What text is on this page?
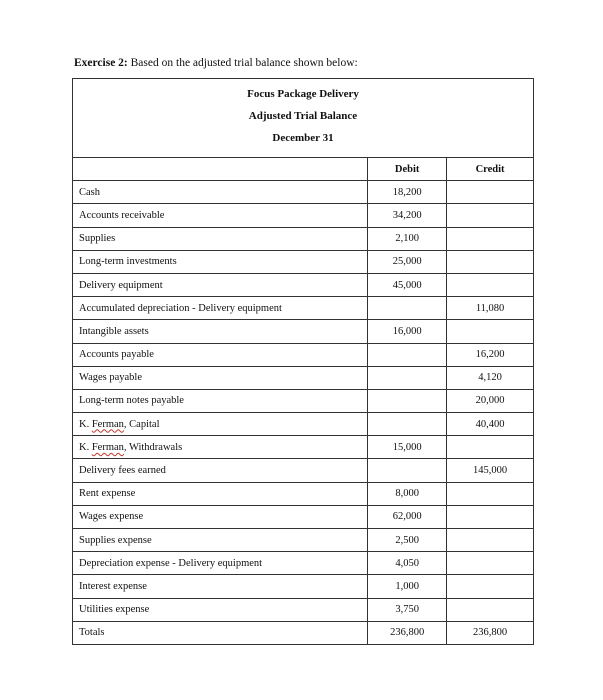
Exercise 2: Based on the adjusted trial balance shown below:
Focus Package Delivery
Adjusted Trial Balance
December 31		

	Debit	Credit
Cash	18,200	
Accounts receivable	34,200	
Supplies	2,100	
Long-term investments	25,000	
Delivery equipment	45,000	
Accumulated depreciation - Delivery equipment		11,080
Intangible assets	16,000	
Accounts payable		16,200
Wages payable		4,120
Long-term notes payable		20,000
K. Ferman, Capital		40,400
K. Ferman, Withdrawals	15,000	
Delivery fees earned		145,000
Rent expense	8,000	
Wages expense	62,000	
Supplies expense	2,500	
Depreciation expense - Delivery equipment	4,050	
Interest expense	1,000	
Utilities expense	3,750	
Totals	236,800	236,800
